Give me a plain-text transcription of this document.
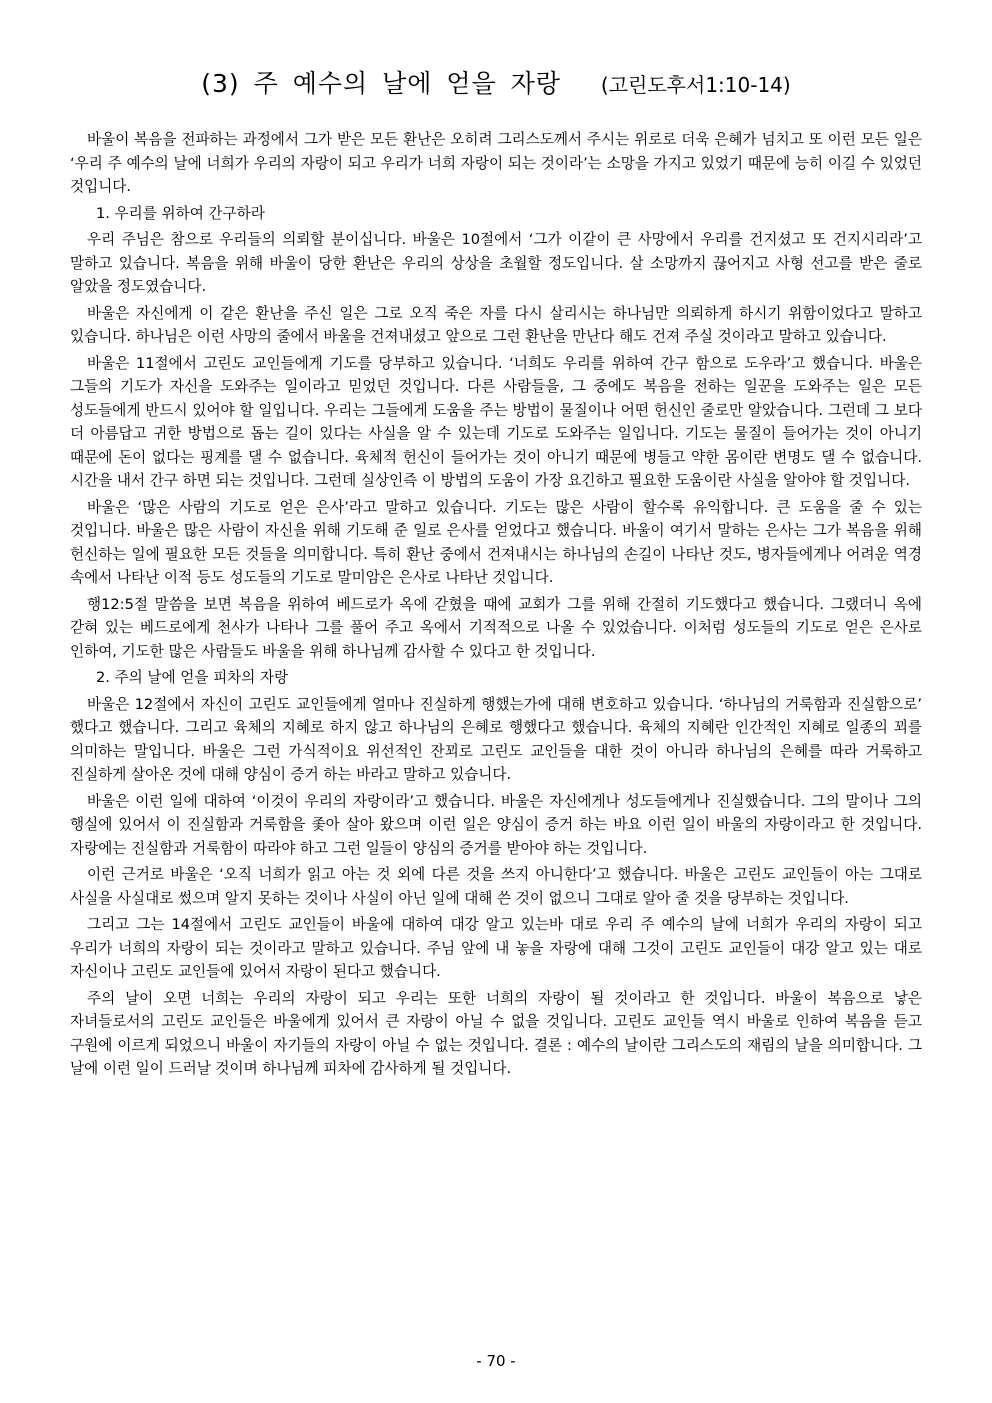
(3) 주 예수의 날에 얻을 자랑 (고린도후서1:10-14)

바울이 복음을 전파하는 과정에서 그가 받은 모든 환난은 오히려 그리스도께서 주시는 위로로 더욱 은혜가 넘치고 또 이런 모든 일은 ‘우리 주 예수의 날에 너희가 우리의 자랑이 되고 우리가 너희 자랑이 되는 것이라’는 소망을 가지고 있었기 때문에 능히 이길 수 있었던 것입니다.

1. 우리를 위하여 간구하라

우리 주님은 참으로 우리들의 의뢰할 분이십니다. 바울은 10절에서 ‘그가 이같이 큰 사망에서 우리를 건지셨고 또 건지시리라’고 말하고 있습니다. 복음을 위해 바울이 당한 환난은 우리의 상상을 초월할 정도입니다. 살 소망까지 끊어지고 사형 선고를 받은 줄로 알았을 정도였습니다.

바울은 자신에게 이 같은 환난을 주신 일은 그로 오직 죽은 자를 다시 살리시는 하나님만 의뢰하게 하시기 위함이었다고 말하고 있습니다. 하나님은 이런 사망의 줄에서 바울을 건져내셨고 앞으로 그런 환난을 만난다 해도 건져 주실 것이라고 말하고 있습니다.

바울은 11절에서 고린도 교인들에게 기도를 당부하고 있습니다. ‘너희도 우리를 위하여 간구 함으로 도우라’고 했습니다. 바울은 그들의 기도가 자신을 도와주는 일이라고 믿었던 것입니다. 다른 사람들을, 그 중에도 복음을 전하는 일꾼을 도와주는 일은 모든 성도들에게 반드시 있어야 할 일입니다. 우리는 그들에게 도움을 주는 방법이 물질이나 어떤 헌신인 줄로만 알았습니다. 그런데 그 보다 더 아름답고 귀한 방법으로 돕는 길이 있다는 사실을 알 수 있는데 기도로 도와주는 일입니다. 기도는 물질이 들어가는 것이 아니기 때문에 돈이 없다는 핑계를 댈 수 없습니다. 육체적 헌신이 들어가는 것이 아니기 때문에 병들고 약한 몸이란 변명도 댈 수 없습니다. 시간을 내서 간구 하면 되는 것입니다. 그런데 실상인즉 이 방법의 도움이 가장 요긴하고 필요한 도움이란 사실을 알아야 할 것입니다.

바울은 ‘많은 사람의 기도로 얻은 은사’라고 말하고 있습니다. 기도는 많은 사람이 할수록 유익합니다. 큰 도움을 줄 수 있는 것입니다. 바울은 많은 사람이 자신을 위해 기도해 준 일로 은사를 얻었다고 했습니다. 바울이 여기서 말하는 은사는 그가 복음을 위해 헌신하는 일에 필요한 모든 것들을 의미합니다. 특히 환난 중에서 건져내시는 하나님의 손길이 나타난 것도, 병자들에게나 어려운 역경 속에서 나타난 이적 등도 성도들의 기도로 말미암은 은사로 나타난 것입니다.

행12:5절 말씀을 보면 복음을 위하여 베드로가 옥에 갇혔을 때에 교회가 그를 위해 간절히 기도했다고 했습니다. 그랬더니 옥에 갇혀 있는 베드로에게 천사가 나타나 그를 풀어 주고 옥에서 기적적으로 나올 수 있었습니다. 이처럼 성도들의 기도로 얻은 은사로 인하여, 기도한 많은 사람들도 바울을 위해 하나님께 감사할 수 있다고 한 것입니다.

2. 주의 날에 얻을 피차의 자랑

바울은 12절에서 자신이 고린도 교인들에게 얼마나 진실하게 행했는가에 대해 변호하고 있습니다. ‘하나님의 거룩함과 진실함으로’ 했다고 했습니다. 그리고 육체의 지혜로 하지 않고 하나님의 은혜로 행했다고 했습니다. 육체의 지혜란 인간적인 지혜로 일종의 꾀를 의미하는 말입니다. 바울은 그런 가식적이요 위선적인 잔꾀로 고린도 교인들을 대한 것이 아니라 하나님의 은혜를 따라 거룩하고 진실하게 살아온 것에 대해 양심이 증거 하는 바라고 말하고 있습니다.

바울은 이런 일에 대하여 ‘이것이 우리의 자랑이라’고 했습니다. 바울은 자신에게나 성도들에게나 진실했습니다. 그의 말이나 그의 행실에 있어서 이 진실함과 거룩함을 좇아 살아 왔으며 이런 일은 양심이 증거 하는 바요 이런 일이 바울의 자랑이라고 한 것입니다. 자랑에는 진실함과 거룩함이 따라야 하고 그런 일들이 양심의 증거를 받아야 하는 것입니다.

이런 근거로 바울은 ‘오직 너희가 읽고 아는 것 외에 다른 것을 쓰지 아니한다’고 했습니다. 바울은 고린도 교인들이 아는 그대로 사실을 사실대로 썼으며 알지 못하는 것이나 사실이 아닌 일에 대해 쓴 것이 없으니 그대로 알아 줄 것을 당부하는 것입니다.

그리고 그는 14절에서 고린도 교인들이 바울에 대하여 대강 알고 있는바 대로 우리 주 예수의 날에 너희가 우리의 자랑이 되고 우리가 너희의 자랑이 되는 것이라고 말하고 있습니다. 주님 앞에 내 놓을 자랑에 대해 그것이 고린도 교인들이 대강 알고 있는 대로 자신이나 고린도 교인들에 있어서 자랑이 된다고 했습니다.

주의 날이 오면 너희는 우리의 자랑이 되고 우리는 또한 너희의 자랑이 될 것이라고 한 것입니다. 바울이 복음으로 낳은 자녀들로서의 고린도 교인들은 바울에게 있어서 큰 자랑이 아닐 수 없을 것입니다. 고린도 교인들 역시 바울로 인하여 복음을 듣고 구원에 이르게 되었으니 바울이 자기들의 자랑이 아닐 수 없는 것입니다. 결론 : 예수의 날이란 그리스도의 재림의 날을 의미합니다. 그 날에 이런 일이 드러날 것이며 하나님께 피차에 감사하게 될 것입니다.

- 70 -
